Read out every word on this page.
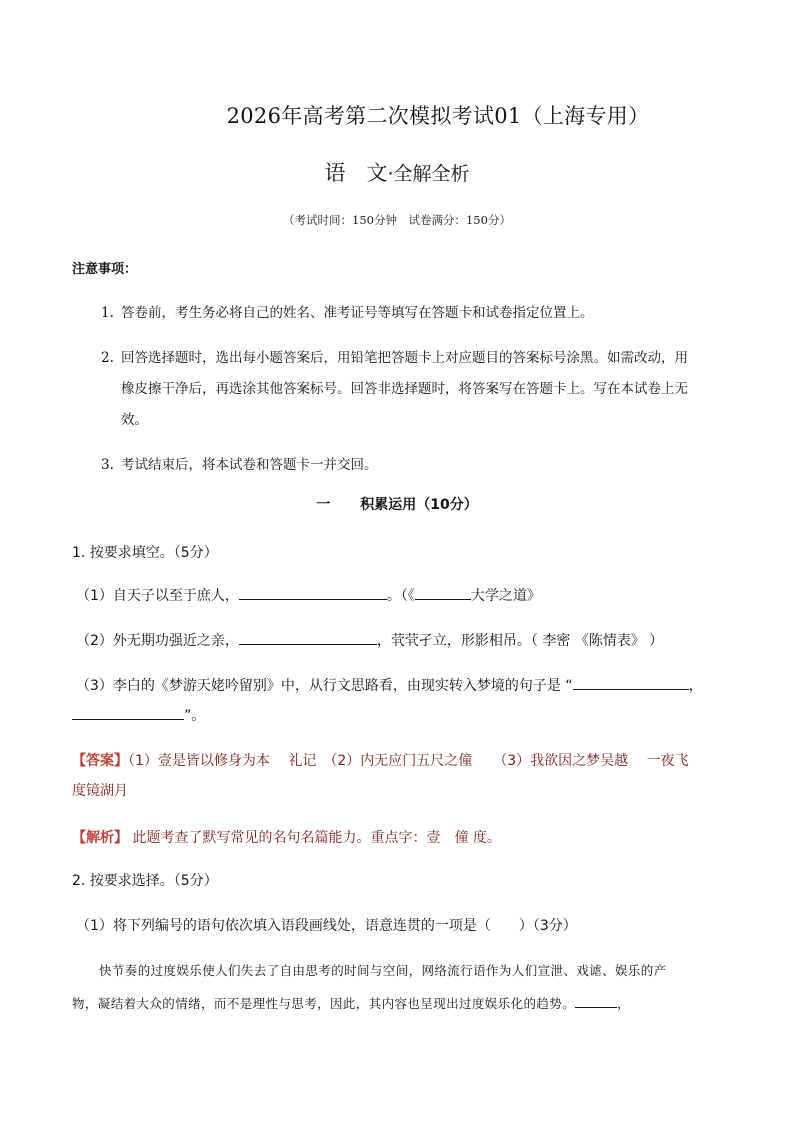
2026年高考第二次模拟考试01（上海专用）
语　文·全解全析
（考试时间：150分钟　试卷满分：150分）
注意事项：
1. 答卷前，考生务必将自己的姓名、准考证号等填写在答题卡和试卷指定位置上。
2. 回答选择题时，选出每小题答案后，用铅笔把答题卡上对应题目的答案标号涂黑。如需改动，用
橡皮擦干净后，再选涂其他答案标号。回答非选择题时，将答案写在答题卡上。写在本试卷上无
效。
3. 考试结束后，将本试卷和答题卡一并交回。
一 积累运用（10分）
1. 按要求填空。（5分）
（1）自天子以至于庶人，	。（《	大学之道》
（2）外无期功强近之亲，	，茕茕孑立，形影相吊。（ 李密 《陈情表》 ）
（3）李白的《梦游天姥吟留别》中，从行文思路看，由现实转入梦境的句子是 “	，
”。
【答案】（1）壹是皆以修身为本　 礼记　（2）内无应门五尺之僮　　（3）我欲因之梦吴越　 一夜飞
度镜湖月
【解析】 此题考查了默写常见的名句名篇能力。重点字：壹　僮 度。
2. 按要求选择。（5分）
（1）将下列编号的语句依次填入语段画线处，语意连贯的一项是（　　）（3分）
快节奏的过度娱乐使人们失去了自由思考的时间与空间，网络流行语作为人们宣泄、戏谑、娱乐的产
物，凝结着大众的情绪，而不是理性与思考，因此，其内容也呈现出过度娱乐化的趋势。	，
